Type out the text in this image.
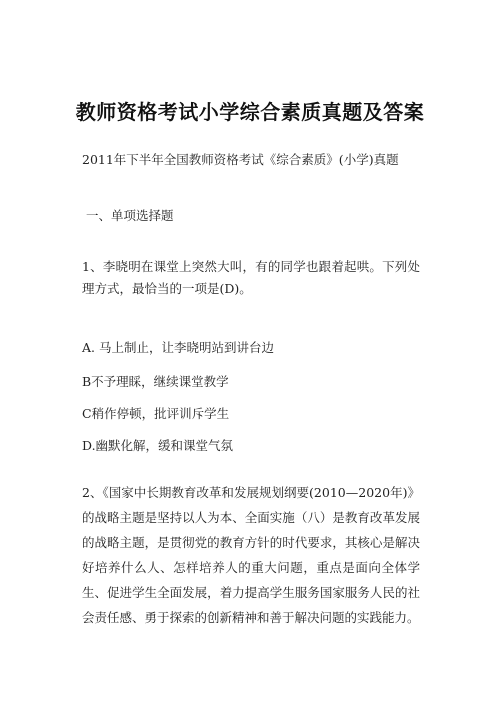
教师资格考试小学综合素质真题及答案
2011年下半年全国教师资格考试《综合素质》(小学)真题
一、单项选择题
1、李晓明在课堂上突然大叫，有的同学也跟着起哄。下列处理方式，最恰当的一项是(D)。
A. 马上制止，让李晓明站到讲台边
B不予理睬，继续课堂教学
C稍作停顿，批评训斥学生
D.幽默化解，缓和课堂气氛
2、《国家中长期教育改革和发展规划纲要(2010—2020年)》的战略主题是坚持以人为本、全面实施（八）是教育改革发展的战略主题，是贯彻党的教育方针的时代要求，其核心是解决好培养什么人、怎样培养人的重大问题，重点是面向全体学生、促进学生全面发展，着力提高学生服务国家服务人民的社会责任感、勇于探索的创新精神和善于解决问题的实践能力。
